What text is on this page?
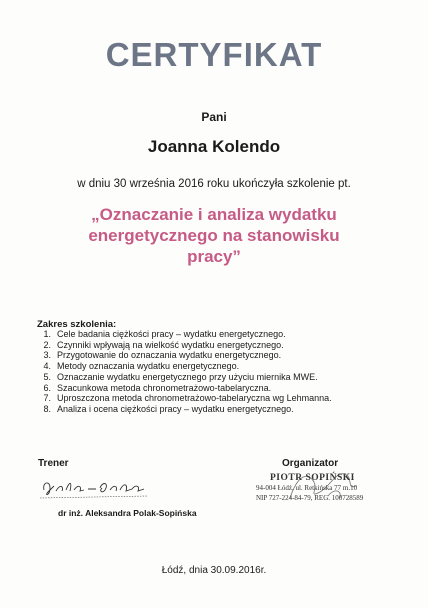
CERTYFIKAT
Pani
Joanna Kolendo
w dniu 30 września 2016 roku ukończyła szkolenie pt.
„Oznaczanie i analiza wydatku energetycznego na stanowisku pracy”
Zakres szkolenia:
1. Cele badania ciężkości pracy – wydatku energetycznego.
2. Czynniki wpływają na wielkość wydatku energetycznego.
3. Przygotowanie do oznaczania wydatku energetycznego.
4. Metody oznaczania wydatku energetycznego.
5. Oznaczanie wydatku energetycznego przy użyciu miernika MWE.
6. Szacunkowa metoda chronometrażowo-tabelaryczna.
7. Uproszczona metoda chronometrażowo-tabelaryczna wg Lehmanna.
8. Analiza i ocena ciężkości pracy – wydatku energetycznego.
Trener
dr inż. Aleksandra Polak-Sopińska
Organizator
PIOTR SOPIŃSKI
94-004 Łódź, ul. Retkińska 77 m.10
NIP 727-224-84-79, REG. 100728589
Łódź, dnia 30.09.2016r.
